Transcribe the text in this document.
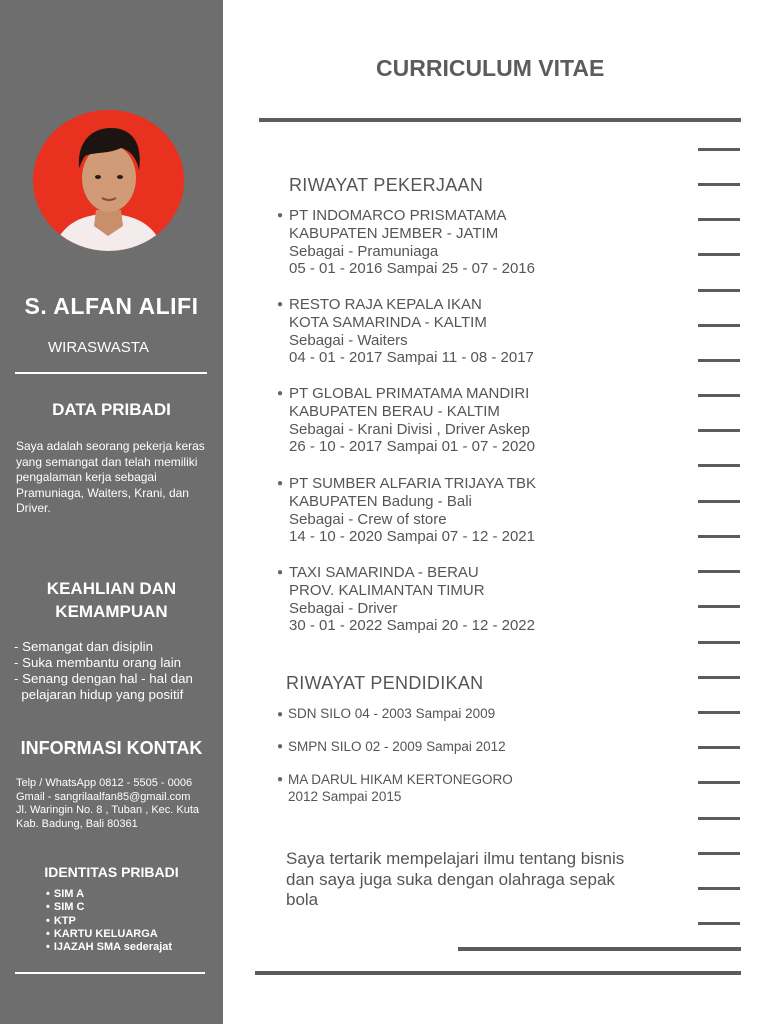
S. ALFAN ALIFI
WIRASWASTA
DATA PRIBADI
Saya adalah seorang pekerja keras yang semangat dan telah memiliki pengalaman kerja sebagai Pramuniaga, Waiters, Krani, dan Driver.
KEAHLIAN DAN
KEMAMPUAN
- Semangat dan disiplin
- Suka membantu orang lain
- Senang dengan hal - hal dan
pelajaran hidup yang positif
INFORMASI KONTAK
Telp / WhatsApp 0812 - 5505 - 0006
Gmail - sangrilaalfan85@gmail.com
Jl. Waringin No. 8 , Tuban , Kec. Kuta
Kab. Badung, Bali 80361
IDENTITAS PRIBADI
• SIM A
• SIM C
• KTP
• KARTU KELUARGA
• IJAZAH SMA sederajat
CURRICULUM VITAE
RIWAYAT PEKERJAAN
● PT INDOMARCO PRISMATAMA
KABUPATEN JEMBER - JATIM
Sebagai - Pramuniaga
05 - 01 - 2016 Sampai 25 - 07 - 2016
● RESTO RAJA KEPALA IKAN
KOTA SAMARINDA - KALTIM
Sebagai - Waiters
04 - 01 - 2017 Sampai 11 - 08 - 2017
● PT GLOBAL PRIMATAMA MANDIRI
KABUPATEN BERAU - KALTIM
Sebagai - Krani Divisi , Driver Askep
26 - 10 - 2017 Sampai 01 - 07 - 2020
● PT SUMBER ALFARIA TRIJAYA TBK
KABUPATEN Badung - Bali
Sebagai - Crew of store
14 - 10 - 2020 Sampai 07 - 12 - 2021
● TAXI SAMARINDA - BERAU
PROV. KALIMANTAN TIMUR
Sebagai - Driver
30 - 01 - 2022 Sampai 20 - 12 - 2022
RIWAYAT PENDIDIKAN
● SDN SILO 04 - 2003 Sampai 2009
● SMPN SILO 02 - 2009 Sampai 2012
● MA DARUL HIKAM KERTONEGORO
2012 Sampai 2015
Saya tertarik mempelajari ilmu tentang bisnis dan saya juga suka dengan olahraga sepak bola
